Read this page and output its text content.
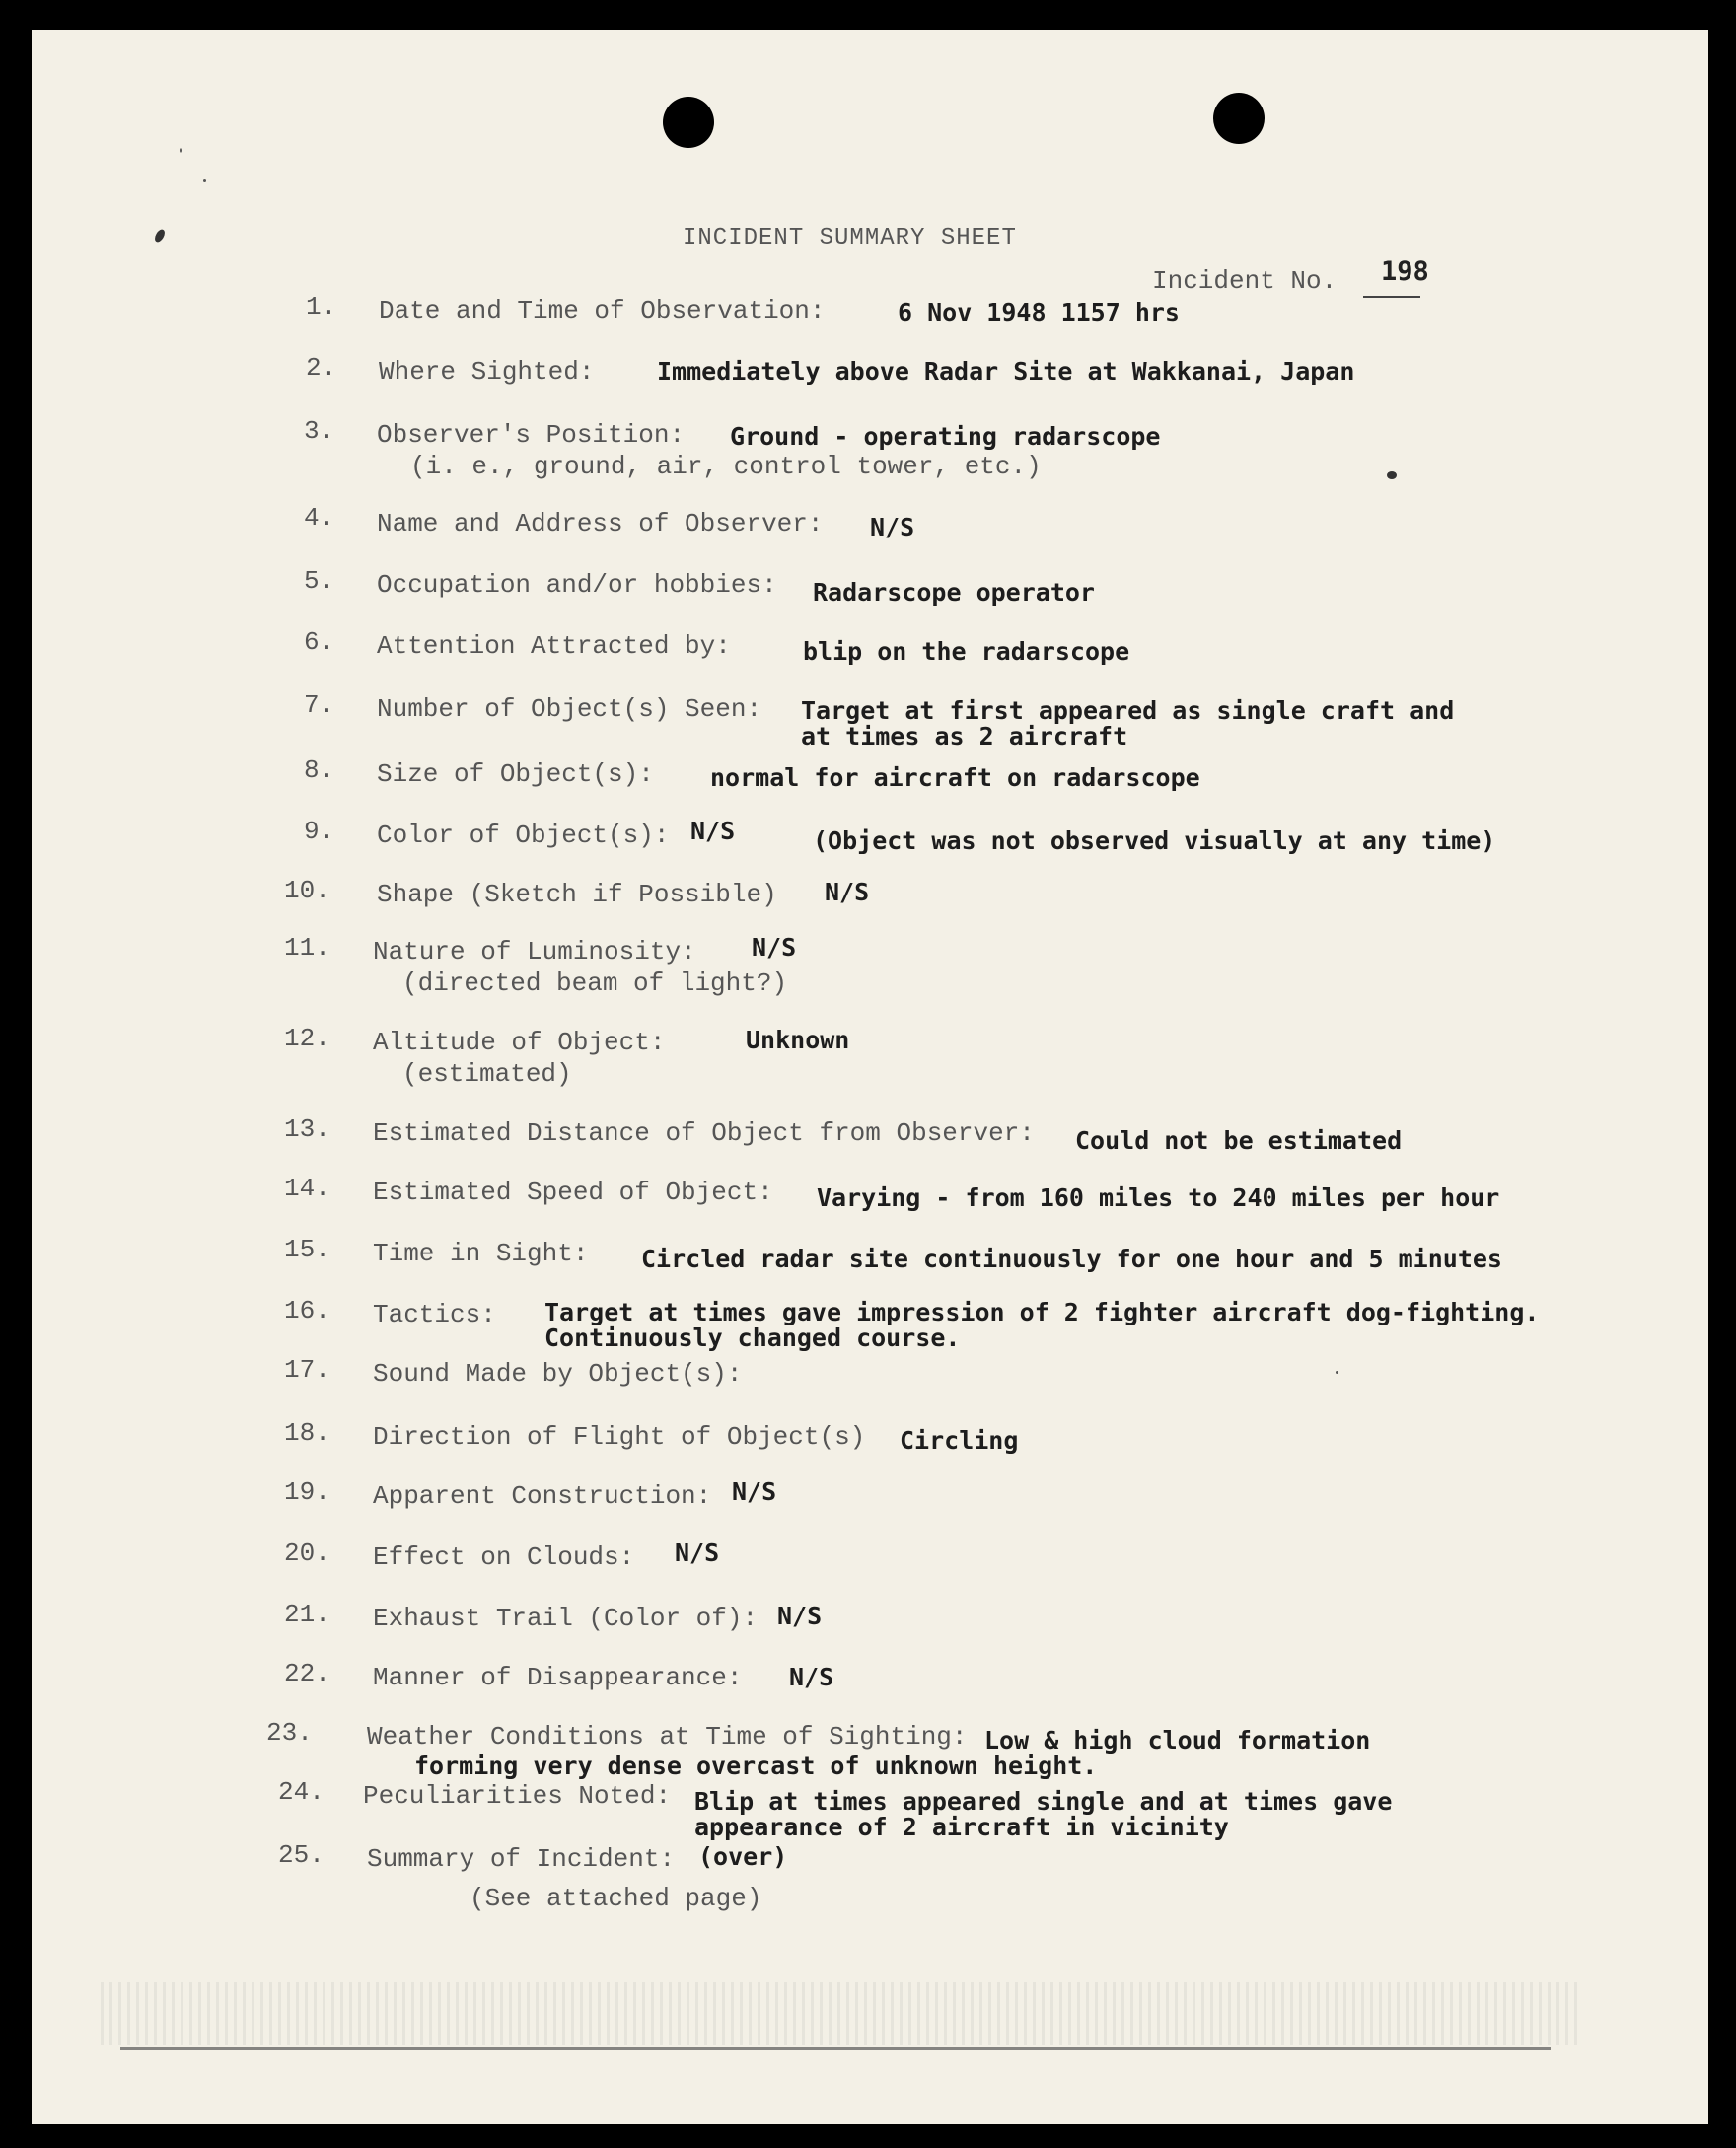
INCIDENT SUMMARY SHEET
Incident No. 198
1. Date and Time of Observation:	6 Nov 1948 1157 hrs
2. Where Sighted:	Immediately above Radar Site at Wakkanai, Japan
3. Observer's Position:
(i. e., ground, air, control tower, etc.)
Ground - operating radarscope
4. Name and Address of Observer: N/S
5. Occupation and/or hobbies: Radarscope operator
6. Attention Attracted by:	blip on the radarscope
7. Number of Object(s) Seen: Target at first appeared as single craft and
at times as 2 aircraft
8. Size of Object(s): normal for aircraft on radarscope
9. Color of Object(s): N/S	(Object was not observed visually at any time)
10. Shape (Sketch if Possible) N/S
11. Nature of Luminosity:
(directed beam of light?)
N/S
12. Altitude of Object:
(estimated)
Unknown
13. Estimated Distance of Object from Observer: Could not be estimated
14. Estimated Speed of Object: Varying - from 160 miles to 240 miles per hour
15. Time in Sight: Circled radar site continuously for one hour and 5 minutes
16. Tactics: Target at times gave impression of 2 fighter aircraft dog-fighting.
Continuously changed course.
17. Sound Made by Object(s):
18. Direction of Flight of Object(s) Circling
19. Apparent Construction: N/S
20. Effect on Clouds: N/S
21. Exhaust Trail (Color of): N/S
22. Manner of Disappearance: N/S
23. Weather Conditions at Time of Sighting: Low & high cloud formation
forming very dense overcast of unknown height.
24. Peculiarities Noted: Blip at times appeared single and at times gave
appearance of 2 aircraft in vicinity
25. Summary of Incident:
(See attached page)
(over)
